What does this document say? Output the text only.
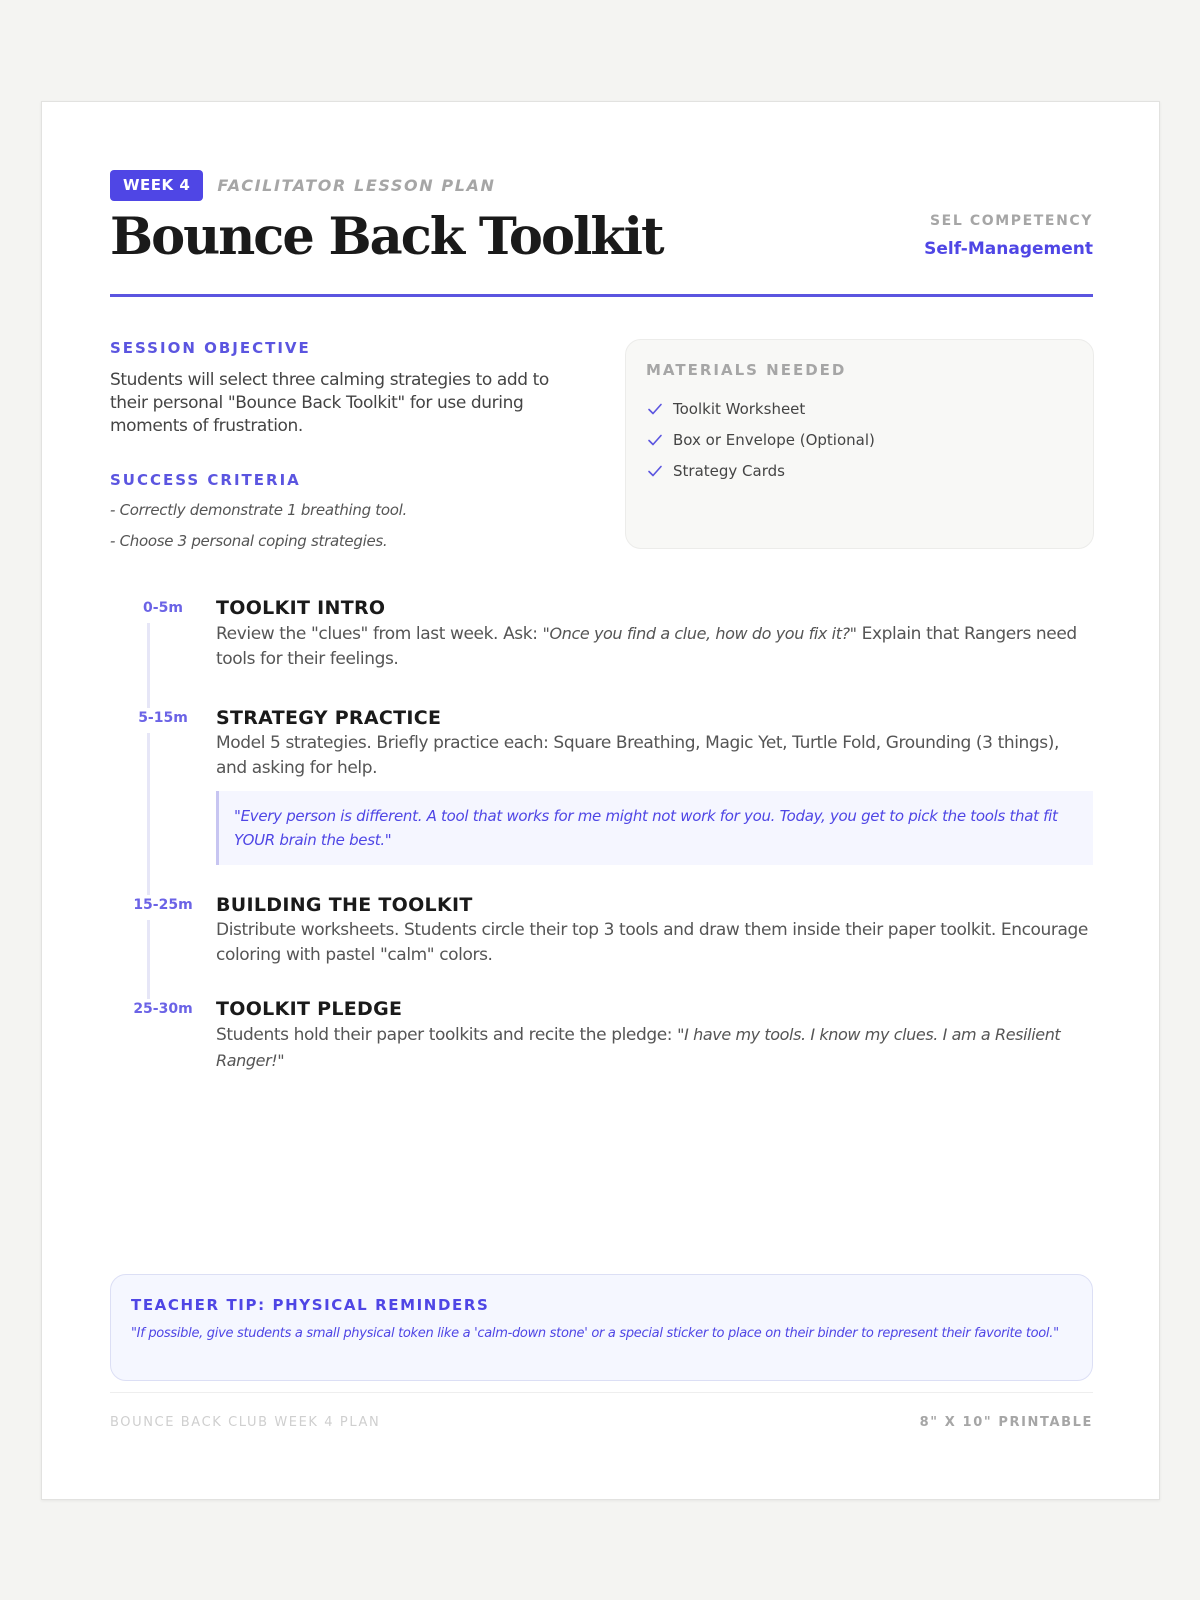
WEEK 4	FACILITATOR LESSON PLAN
Bounce Back Toolkit	SEL COMPETENCY
Self-Management
SESSION OBJECTIVE

Students will select three calming strategies to add to their personal "Bounce Back Toolkit" for use during moments of frustration.

SUCCESS CRITERIA

- Correctly demonstrate 1 breathing tool.

- Choose 3 personal coping strategies.

MATERIALS NEEDED
Toolkit Worksheet
Box or Envelope (Optional)
Strategy Cards
0-5m	TOOLKIT INTRO

Review the "clues" from last week. Ask: "Once you find a clue, how do you fix it?" Explain that Rangers need tools for their feelings.

5-15m	STRATEGY PRACTICE

Model 5 strategies. Briefly practice each: Square Breathing, Magic Yet, Turtle Fold, Grounding (3 things), and asking for help.

"Every person is different. A tool that works for me might not work for you. Today, you get to pick the tools that fit YOUR brain the best."
15-25m	BUILDING THE TOOLKIT

Distribute worksheets. Students circle their top 3 tools and draw them inside their paper toolkit. Encourage coloring with pastel "calm" colors.

25-30m	TOOLKIT PLEDGE

Students hold their paper toolkits and recite the pledge: "I have my tools. I know my clues. I am a Resilient Ranger!"

TEACHER TIP: PHYSICAL REMINDERS

"If possible, give students a small physical token like a 'calm-down stone' or a special sticker to place on their binder to represent their favorite tool."

BOUNCE BACK CLUB WEEK 4 PLAN	8" X 10" PRINTABLE
